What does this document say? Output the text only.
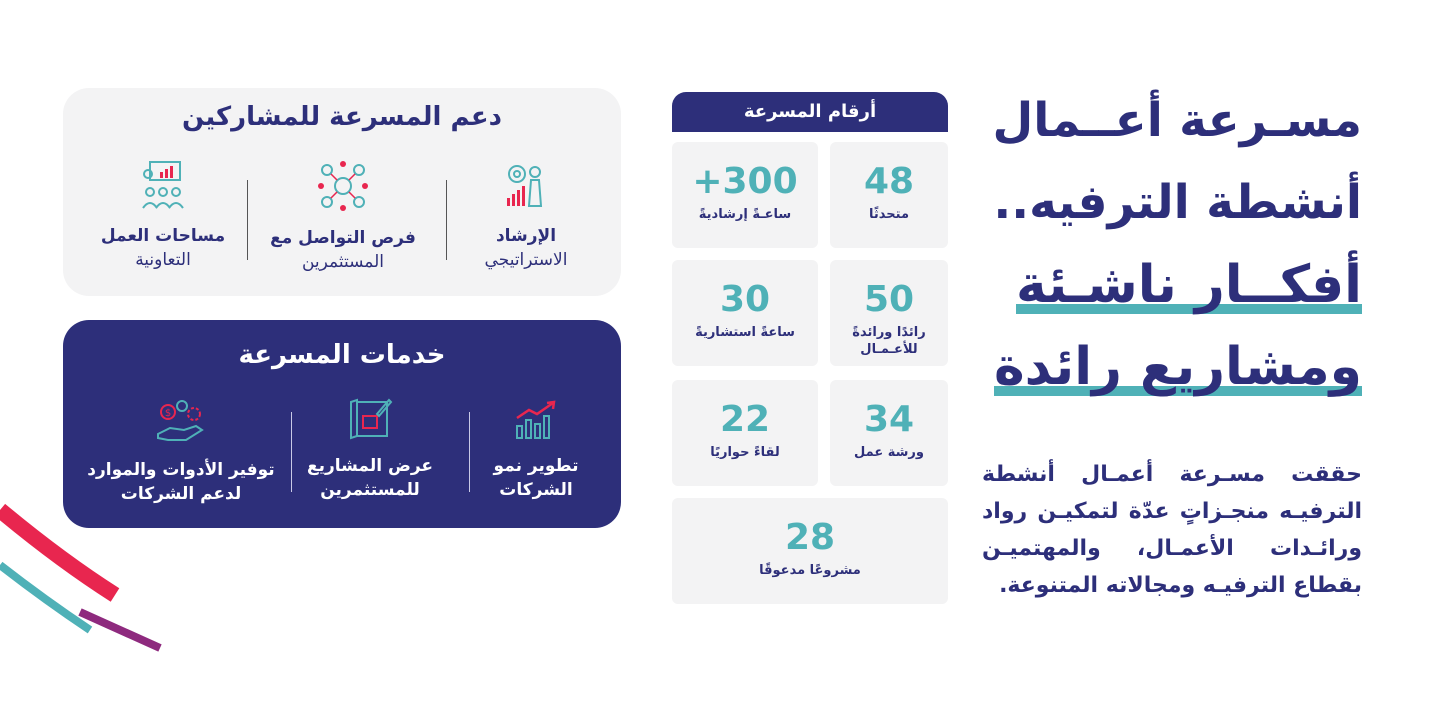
مسـرعة أعــمال
أنشطة الترفيه..
أفكــار ناشـئة
ومشاريع رائدة
حققت مسـرعة أعمـال أنشطة الترفيـه منجـزاتٍ عدّة لتمكيـن رواد ورائـدات الأعمـال، والمهتميـن بقطاع الترفيـه ومجالاته المتنوعة.
أرقام المسرعة
48
متحدثًا
300+
ساعـةً إرشاديةً
50
رائدًا ورائدةً للأعـمـال
30
ساعةً استشاريةً
34
ورشة عمل
22
لقاءً حواريًا
28
مشروعًا مدعوقًا
دعم المسرعة للمشاركين
الإرشاد
الاستراتيجي
فرص التواصل مع
المستثمرين
مساحات العمل
التعاونية
خدمات المسرعة
تطوير نمو
الشركات
عرض المشاريع
للمستثمرين
$
توفير الأدوات والموارد
لدعم الشركات
